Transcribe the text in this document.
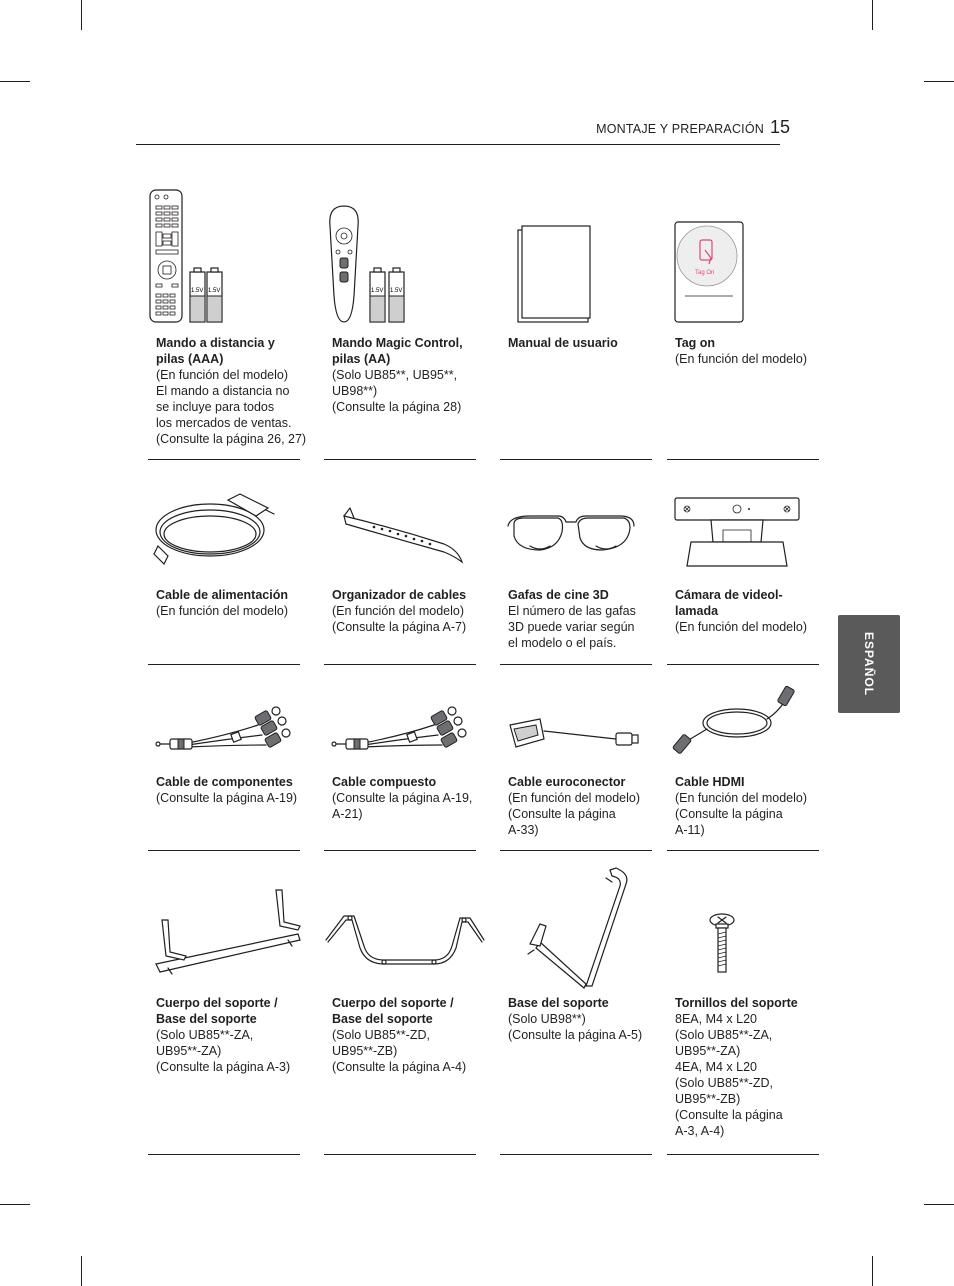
MONTAJE Y PREPARACIÓN 15
ESPAÑOL
1.5V 1.5V
Mando a distancia y
pilas (AAA)
(En función del modelo)
El mando a distancia no
se incluye para todos
los mercados de ventas.
(Consulte la página 26, 27)
1.5V 1.5V
Mando Magic Control,
pilas (AA)
(Solo UB85**, UB95**,
UB98**)
(Consulte la página 28)
Manual de usuario
Tag On
Tag on
(En función del modelo)
Cable de alimentación
(En función del modelo)
Organizador de cables
(En función del modelo)
(Consulte la página A-7)
Gafas de cine 3D
El número de las gafas
3D puede variar según
el modelo o el país.
Cámara de videol-
lamada
(En función del modelo)
Cable de componentes
(Consulte la página A-19)
Cable compuesto
(Consulte la página A-19,
A-21)
Cable euroconector
(En función del modelo)
(Consulte la página
A-33)
Cable HDMI
(En función del modelo)
(Consulte la página
A-11)
Cuerpo del soporte /
Base del soporte
(Solo UB85**-ZA,
UB95**-ZA)
(Consulte la página A-3)
Cuerpo del soporte /
Base del soporte
(Solo UB85**-ZD,
UB95**-ZB)
(Consulte la página A-4)
Base del soporte
(Solo UB98**)
(Consulte la página A-5)
Tornillos del soporte
8EA, M4 x L20
(Solo UB85**-ZA,
UB95**-ZA)
4EA, M4 x L20
(Solo UB85**-ZD,
UB95**-ZB)
(Consulte la página
A-3, A-4)
